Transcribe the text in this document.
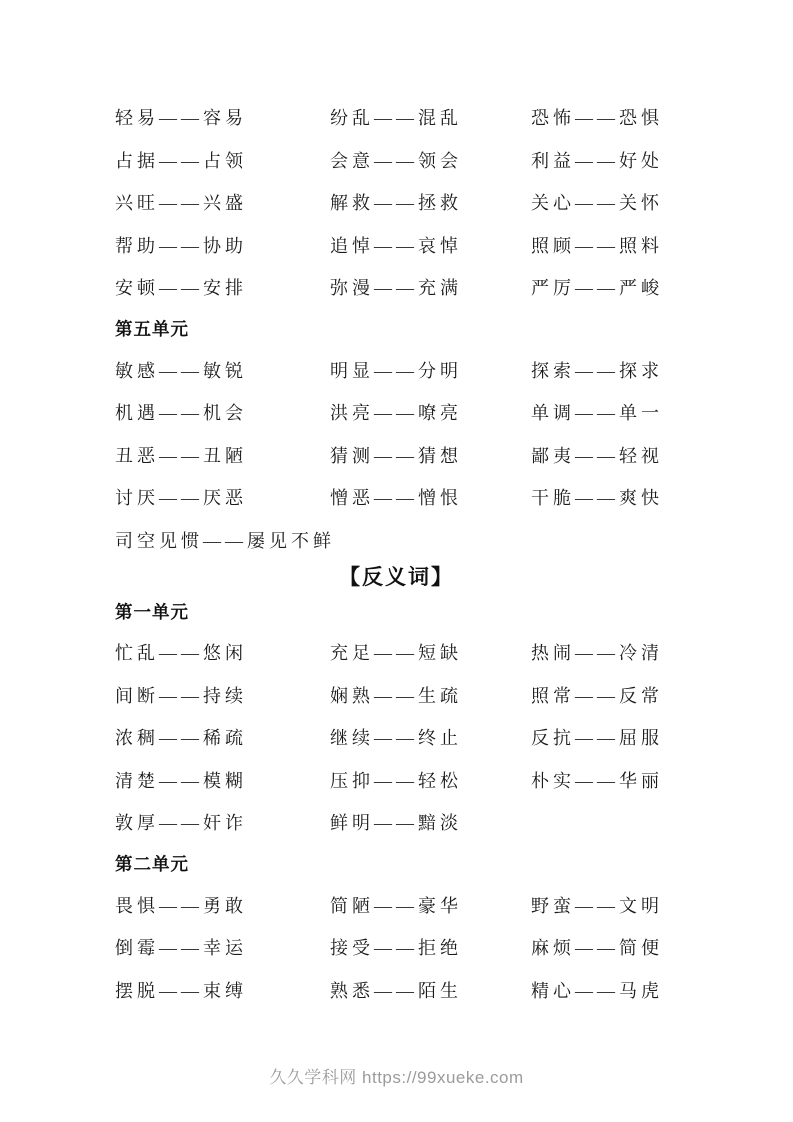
轻易——容易	纷乱——混乱	恐怖——恐惧
占据——占领	会意——领会	利益——好处
兴旺——兴盛	解救——拯救	关心——关怀
帮助——协助	追悼——哀悼	照顾——照料
安顿——安排	弥漫——充满	严厉——严峻
第五单元
敏感——敏锐	明显——分明	探索——探求
机遇——机会	洪亮——嘹亮	单调——单一
丑恶——丑陋	猜测——猜想	鄙夷——轻视
讨厌——厌恶	憎恶——憎恨	干脆——爽快
司空见惯——屡见不鲜
【反义词】
第一单元
忙乱——悠闲	充足——短缺	热闹——冷清
间断——持续	娴熟——生疏	照常——反常
浓稠——稀疏	继续——终止	反抗——屈服
清楚——模糊	压抑——轻松	朴实——华丽
敦厚——奸诈	鲜明——黯淡
第二单元
畏惧——勇敢	简陋——豪华	野蛮——文明
倒霉——幸运	接受——拒绝	麻烦——简便
摆脱——束缚	熟悉——陌生	精心——马虎
久久学科网 https://99xueke.com
